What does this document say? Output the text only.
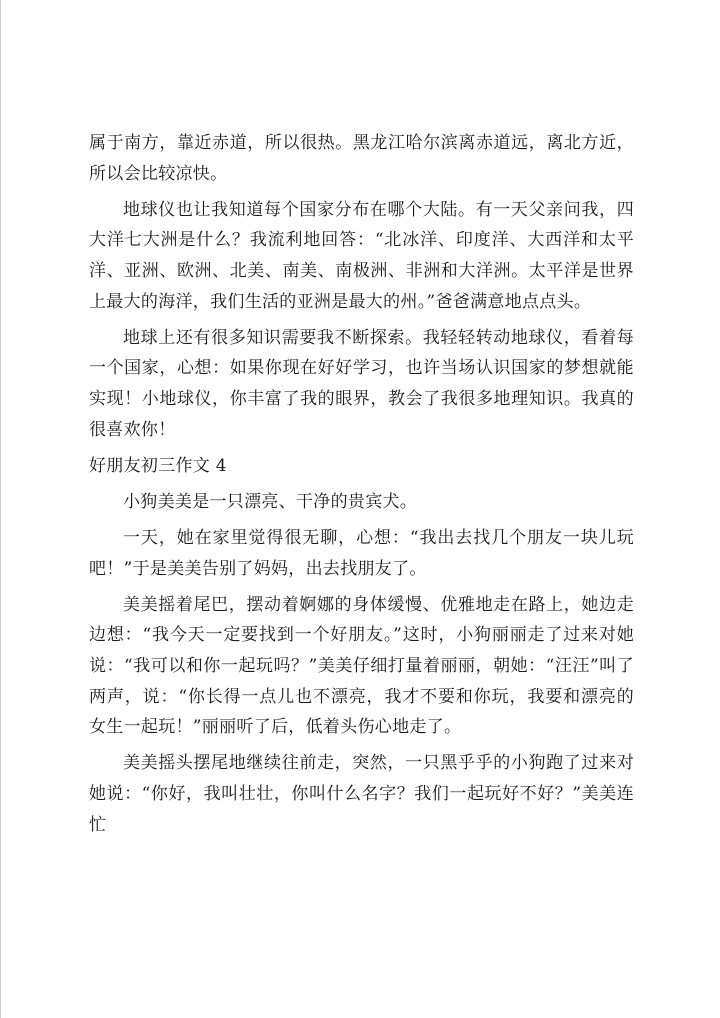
属于南方，靠近赤道，所以很热。黑龙江哈尔滨离赤道远，离北方近，所以会比较凉快。

地球仪也让我知道每个国家分布在哪个大陆。有一天父亲问我，四大洋七大洲是什么？我流利地回答：“北冰洋、印度洋、大西洋和太平洋、亚洲、欧洲、北美、南美、南极洲、非洲和大洋洲。太平洋是世界上最大的海洋，我们生活的亚洲是最大的州。”爸爸满意地点点头。

地球上还有很多知识需要我不断探索。我轻轻转动地球仪，看着每一个国家，心想：如果你现在好好学习，也许当场认识国家的梦想就能实现！小地球仪，你丰富了我的眼界，教会了我很多地理知识。我真的很喜欢你！

好朋友初三作文 4

小狗美美是一只漂亮、干净的贵宾犬。

一天，她在家里觉得很无聊，心想：“我出去找几个朋友一块儿玩吧！”于是美美告别了妈妈，出去找朋友了。

美美摇着尾巴，摆动着婀娜的身体缓慢、优雅地走在路上，她边走边想：“我今天一定要找到一个好朋友。”这时，小狗丽丽走了过来对她说：“我可以和你一起玩吗？”美美仔细打量着丽丽，朝她：“汪汪”叫了两声，说：“你长得一点儿也不漂亮，我才不要和你玩，我要和漂亮的女生一起玩！”丽丽听了后，低着头伤心地走了。

美美摇头摆尾地继续往前走，突然，一只黑乎乎的小狗跑了过来对她说：“你好，我叫壮壮，你叫什么名字？我们一起玩好不好？”美美连忙
